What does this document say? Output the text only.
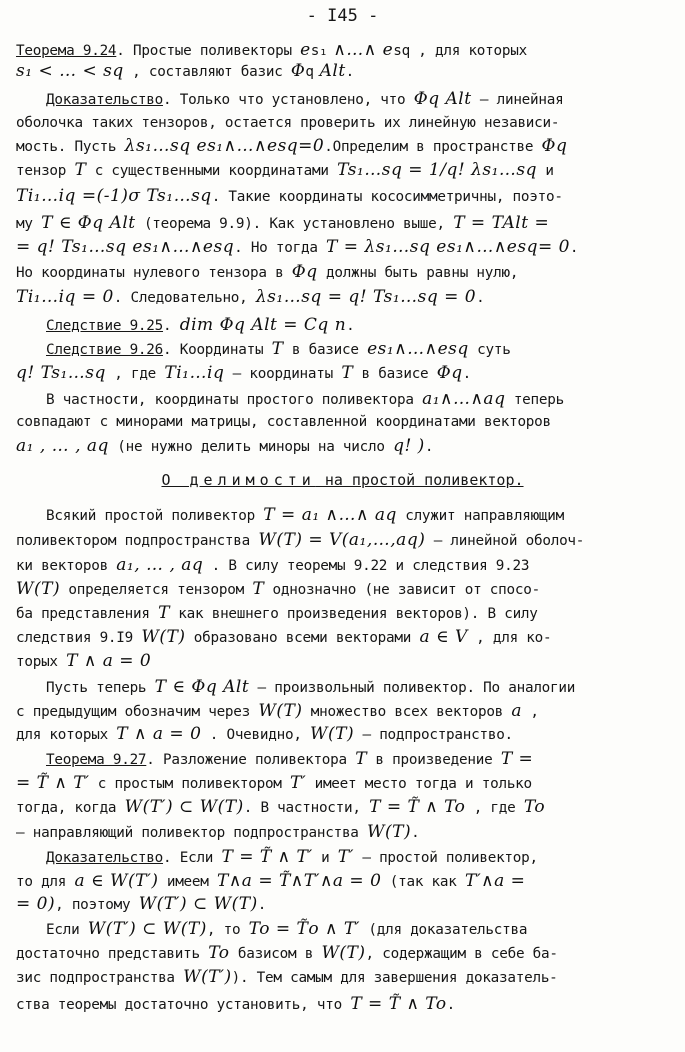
- I45 -
О делимости на простой поливектор.
Теорема 9.24. Простые поливекторы es₁ ∧…∧ esq , для которых
s₁ < … < sq , составляют базис Φq Alt.
Доказательство. Только что установлено, что Φq Alt – линейная
оболочка таких тензоров, остается проверить их линейную независи-
мость. Пусть λs₁…sq es₁∧…∧esq=0.Определим в пространстве Φq
тензор T с существенными координатами Ts₁…sq = 1/q! λs₁…sq и
Ti₁…iq =(-1)σ Ts₁…sq. Такие координаты кососимметричны, поэто-
му T ∈ Φq Alt (теорема 9.9). Как установлено выше, T = TAlt =
= q! Ts₁…sq es₁∧…∧esq. Но тогда T = λs₁…sq es₁∧…∧esq= 0.
Но координаты нулевого тензора в Φq должны быть равны нулю,
Ti₁…iq = 0. Следовательно, λs₁…sq = q! Ts₁…sq = 0.
Следствие 9.25. dim Φq Alt = Cq n.
Следствие 9.26. Координаты T в базисе es₁∧…∧esq суть
q! Ts₁…sq , где Ti₁…iq – координаты T в базисе Φq.
В частности, координаты простого поливектора a₁∧…∧aq теперь
совпадают с минорами матрицы, составленной координатами векторов
a₁ , … , aq (не нужно делить миноры на число q! ).
Всякий простой поливектор T = a₁ ∧…∧ aq служит направляющим
поливектором подпространства W(T) = V(a₁,…,aq) – линейной оболоч-
ки векторов a₁, … , aq . В силу теоремы 9.22 и следствия 9.23
W(T) определяется тензором T однозначно (не зависит от спосо-
ба представления T как внешнего произведения векторов). В силу
следствия 9.I9 W(T) образовано всеми векторами a ∈ V , для ко-
торых T ∧ a = 0
Пусть теперь T ∈ Φq Alt – произвольный поливектор. По аналогии
с предыдущим обозначим через W(T) множество всех векторов a ,
для которых T ∧ a = 0 . Очевидно, W(T) – подпространство.
Теорема 9.27. Разложение поливектора T в произведение T =
= T̃ ∧ T′ с простым поливектором T′ имеет место тогда и только
тогда, когда W(T′) ⊂ W(T). В частности, T = T̃ ∧ To , где To
– направляющий поливектор подпространства W(T).
Доказательство. Если T = T̃ ∧ T′ и T′ – простой поливектор,
то для a ∈ W(T′) имеем T∧a = T̃∧T′∧a = 0 (так как T′∧a =
= 0), поэтому W(T′) ⊂ W(T).
Если W(T′) ⊂ W(T), то To = T̃o ∧ T′ (для доказательства
достаточно представить To базисом в W(T), содержащим в себе ба-
зис подпространства W(T′)). Тем самым для завершения доказатель-
ства теоремы достаточно установить, что T = T̃ ∧ To.
